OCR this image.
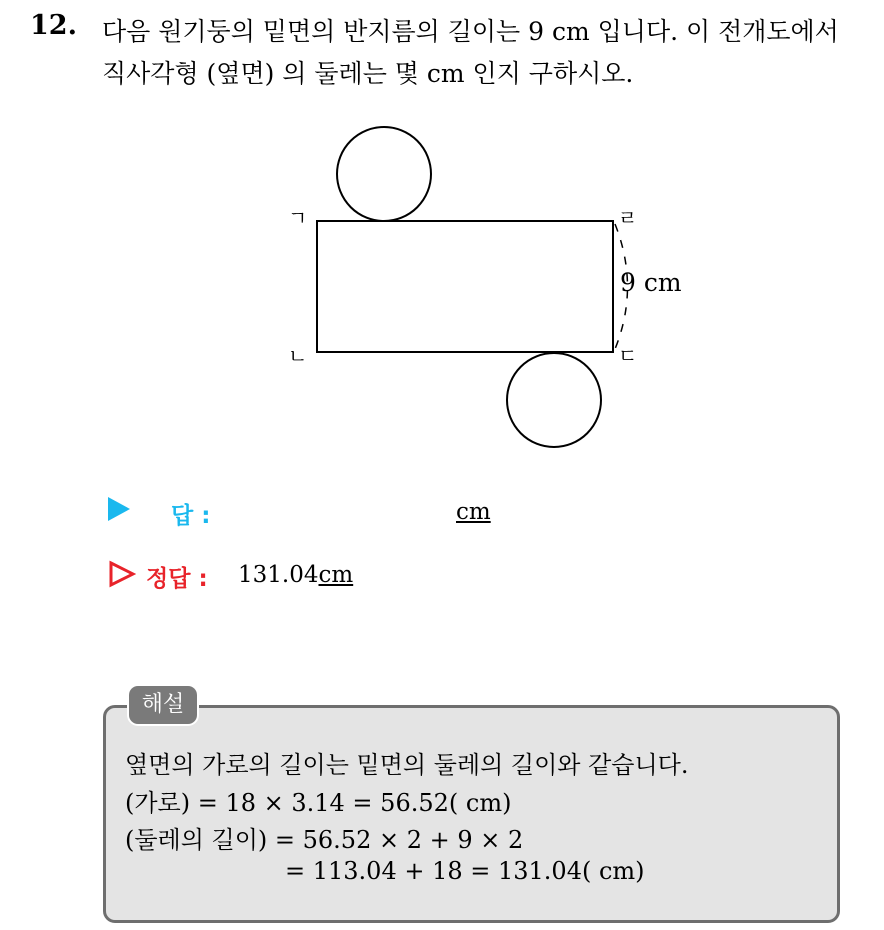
12. 다음 원기둥의 밑면의 반지름의 길이는 9 cm 입니다. 이 전개도에서
직사각형 (옆면) 의 둘레는 몇 cm 인지 구하시오.
ㄱ
ㄴ	ㄷ
ㄹ
9 cm
답 :	cm
정답 : 131.04cm
해설
옆면의 가로의 길이는 밑면의 둘레의 길이와 같습니다.
(가로) = 18 × 3.14 = 56.52( cm)
(둘레의 길이) = 56.52 × 2 + 9 × 2
= 113.04 + 18 = 131.04( cm)
